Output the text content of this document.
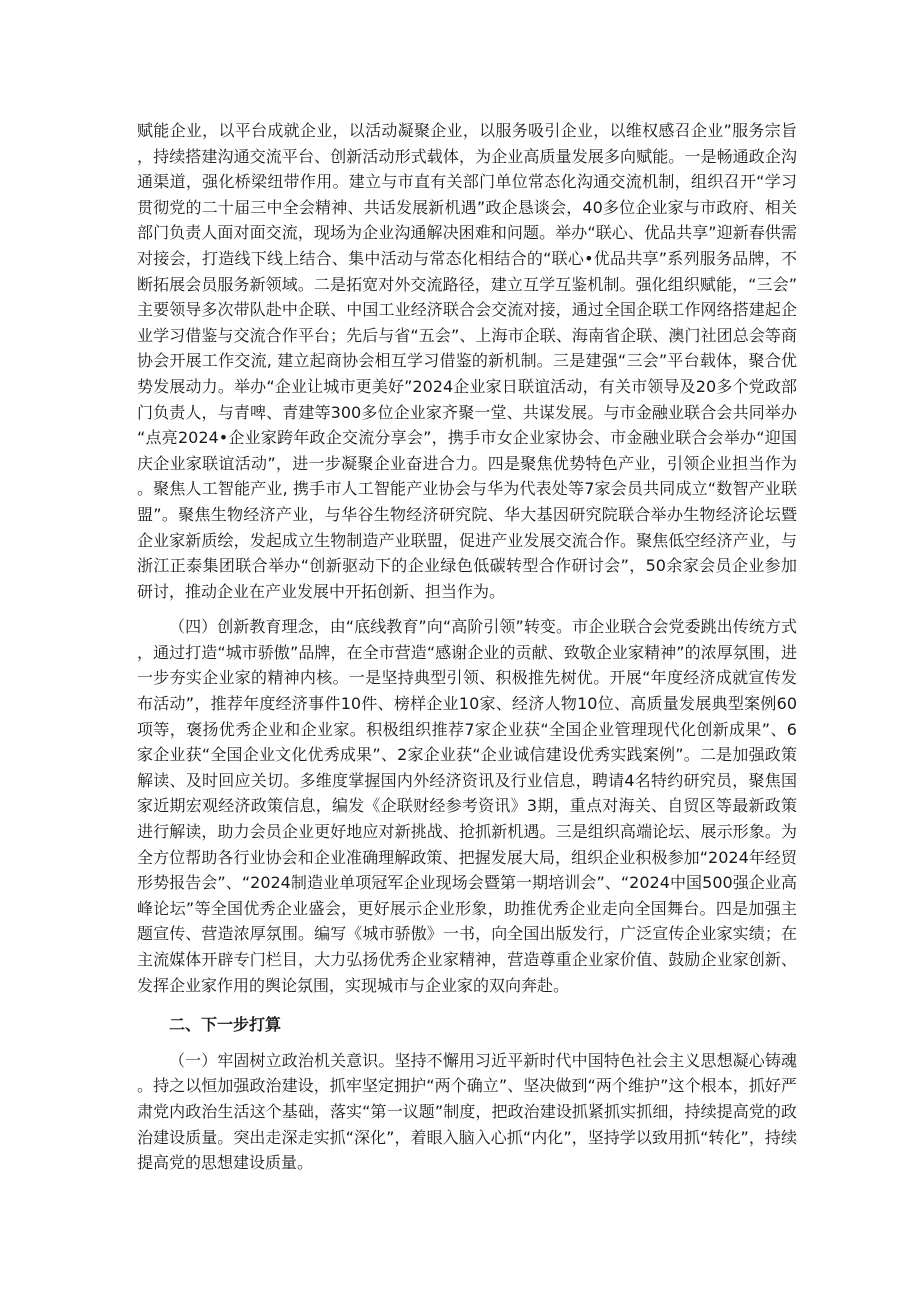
赋能企业，以平台成就企业，以活动凝聚企业，以服务吸引企业，以维权感召企业”服务宗旨，持续搭建沟通交流平台、创新活动形式载体，为企业高质量发展多向赋能。一是畅通政企沟通渠道，强化桥梁纽带作用。建立与市直有关部门单位常态化沟通交流机制，组织召开“学习贯彻党的二十届三中全会精神、共话发展新机遇”政企恳谈会，40多位企业家与市政府、相关部门负责人面对面交流，现场为企业沟通解决困难和问题。举办“联心、优品共享”迎新春供需对接会，打造线下线上结合、集中活动与常态化相结合的“联心•优品共享”系列服务品牌，不断拓展会员服务新领域。二是拓宽对外交流路径，建立互学互鉴机制。强化组织赋能，“三会”主要领导多次带队赴中企联、中国工业经济联合会交流对接，通过全国企联工作网络搭建起企业学习借鉴与交流合作平台；先后与省“五会”、上海市企联、海南省企联、澳门社团总会等商协会开展工作交流, 建立起商协会相互学习借鉴的新机制。三是建强“三会”平台载体，聚合优势发展动力。举办“企业让城市更美好”2024企业家日联谊活动，有关市领导及20多个党政部门负责人，与青啤、青建等300多位企业家齐聚一堂、共谋发展。与市金融业联合会共同举办“点亮2024•企业家跨年政企交流分享会”，携手市女企业家协会、市金融业联合会举办“迎国庆企业家联谊活动”，进一步凝聚企业奋进合力。四是聚焦优势特色产业，引领企业担当作为。聚焦人工智能产业, 携手市人工智能产业协会与华为代表处等7家会员共同成立“数智产业联盟”。聚焦生物经济产业，与华谷生物经济研究院、华大基因研究院联合举办生物经济论坛暨企业家新质绘，发起成立生物制造产业联盟，促进产业发展交流合作。聚焦低空经济产业，与浙江正泰集团联合举办“创新驱动下的企业绿色低碳转型合作研讨会”，50余家会员企业参加研讨，推动企业在产业发展中开拓创新、担当作为。

（四）创新教育理念，由“底线教育”向“高阶引领”转变。市企业联合会党委跳出传统方式，通过打造“城市骄傲”品牌，在全市营造“感谢企业的贡献、致敬企业家精神”的浓厚氛围，进一步夯实企业家的精神内核。一是坚持典型引领、积极推先树优。开展“年度经济成就宣传发布活动”，推荐年度经济事件10件、榜样企业10家、经济人物10位、高质量发展典型案例60项等，褒扬优秀企业和企业家。积极组织推荐7家企业获“全国企业管理现代化创新成果”、6家企业获“全国企业文化优秀成果”、2家企业获“企业诚信建设优秀实践案例”。二是加强政策解读、及时回应关切。多维度掌握国内外经济资讯及行业信息，聘请4名特约研究员，聚焦国家近期宏观经济政策信息，编发《企联财经参考资讯》3期，重点对海关、自贸区等最新政策进行解读，助力会员企业更好地应对新挑战、抢抓新机遇。三是组织高端论坛、展示形象。为全方位帮助各行业协会和企业准确理解政策、把握发展大局，组织企业积极参加“2024年经贸形势报告会”、“2024制造业单项冠军企业现场会暨第一期培训会”、“2024中国500强企业高峰论坛”等全国优秀企业盛会，更好展示企业形象，助推优秀企业走向全国舞台。四是加强主题宣传、营造浓厚氛围。编写《城市骄傲》一书，向全国出版发行，广泛宣传企业家实绩；在主流媒体开辟专门栏目，大力弘扬优秀企业家精神，营造尊重企业家价值、鼓励企业家创新、发挥企业家作用的舆论氛围，实现城市与企业家的双向奔赴。

二、下一步打算

（一）牢固树立政治机关意识。坚持不懈用习近平新时代中国特色社会主义思想凝心铸魂。持之以恒加强政治建设，抓牢坚定拥护“两个确立”、坚决做到“两个维护”这个根本，抓好严肃党内政治生活这个基础，落实“第一议题”制度，把政治建设抓紧抓实抓细，持续提高党的政治建设质量。突出走深走实抓“深化”，着眼入脑入心抓“内化”，坚持学以致用抓“转化”，持续提高党的思想建设质量。
